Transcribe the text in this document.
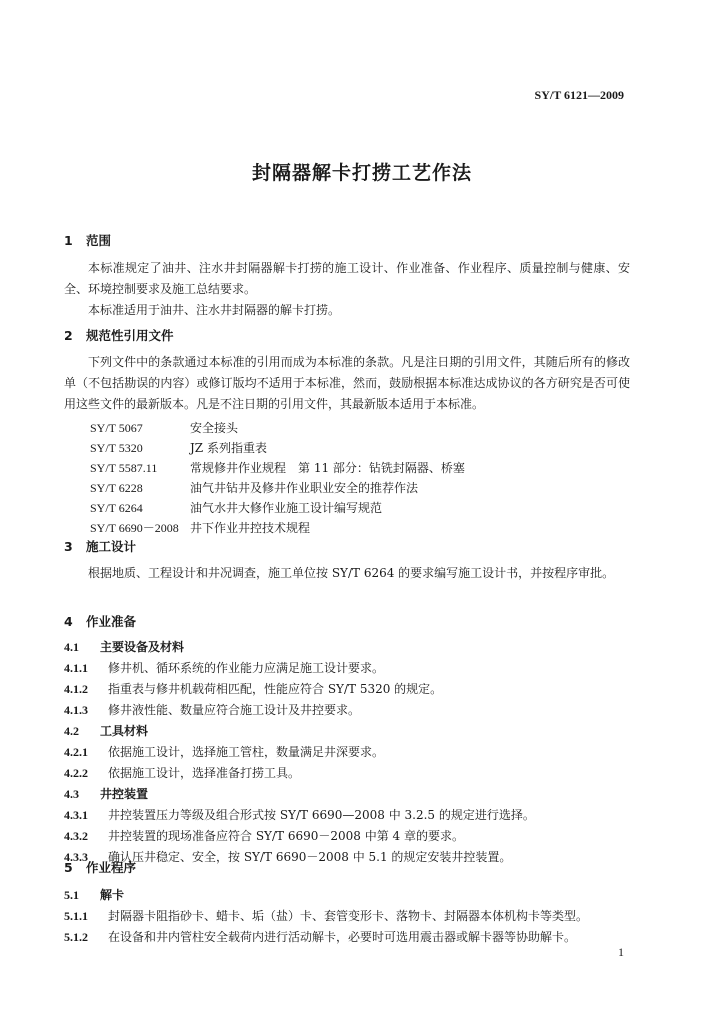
SY/T 6121—2009
封隔器解卡打捞工艺作法
1 范围
本标准规定了油井、注水井封隔器解卡打捞的施工设计、作业准备、作业程序、质量控制与健康、安全、环境控制要求及施工总结要求。
本标准适用于油井、注水井封隔器的解卡打捞。
2 规范性引用文件
下列文件中的条款通过本标准的引用而成为本标准的条款。凡是注日期的引用文件，其随后所有的修改单（不包括勘误的内容）或修订版均不适用于本标准，然而，鼓励根据本标准达成协议的各方研究是否可使用这些文件的最新版本。凡是不注日期的引用文件，其最新版本适用于本标准。
SY/T 5067	安全接头
SY/T 5320	JZ 系列指重表
SY/T 5587.11	常规修井作业规程　第 11 部分：钻铣封隔器、桥塞
SY/T 6228	油气井钻井及修井作业职业安全的推荐作法
SY/T 6264	油气水井大修作业施工设计编写规范
SY/T 6690－2008 井下作业井控技术规程
3 施工设计
根据地质、工程设计和井况调查，施工单位按 SY/T 6264 的要求编写施工设计书，并按程序审批。
4 作业准备
4.1 主要设备及材料
4.1.1 修井机、循环系统的作业能力应满足施工设计要求。
4.1.2 指重表与修井机载荷相匹配，性能应符合 SY/T 5320 的规定。
4.1.3 修井液性能、数量应符合施工设计及井控要求。
4.2 工具材料
4.2.1 依据施工设计，选择施工管柱，数量满足井深要求。
4.2.2 依据施工设计，选择准备打捞工具。
4.3 井控装置
4.3.1 井控装置压力等级及组合形式按 SY/T 6690—2008 中 3.2.5 的规定进行选择。
4.3.2 井控装置的现场准备应符合 SY/T 6690－2008 中第 4 章的要求。
4.3.3 确认压井稳定、安全，按 SY/T 6690－2008 中 5.1 的规定安装井控装置。
5 作业程序
5.1 解卡
5.1.1 封隔器卡阻指砂卡、蜡卡、垢（盐）卡、套管变形卡、落物卡、封隔器本体机构卡等类型。
5.1.2 在设备和井内管柱安全载荷内进行活动解卡，必要时可选用震击器或解卡器等协助解卡。
1
